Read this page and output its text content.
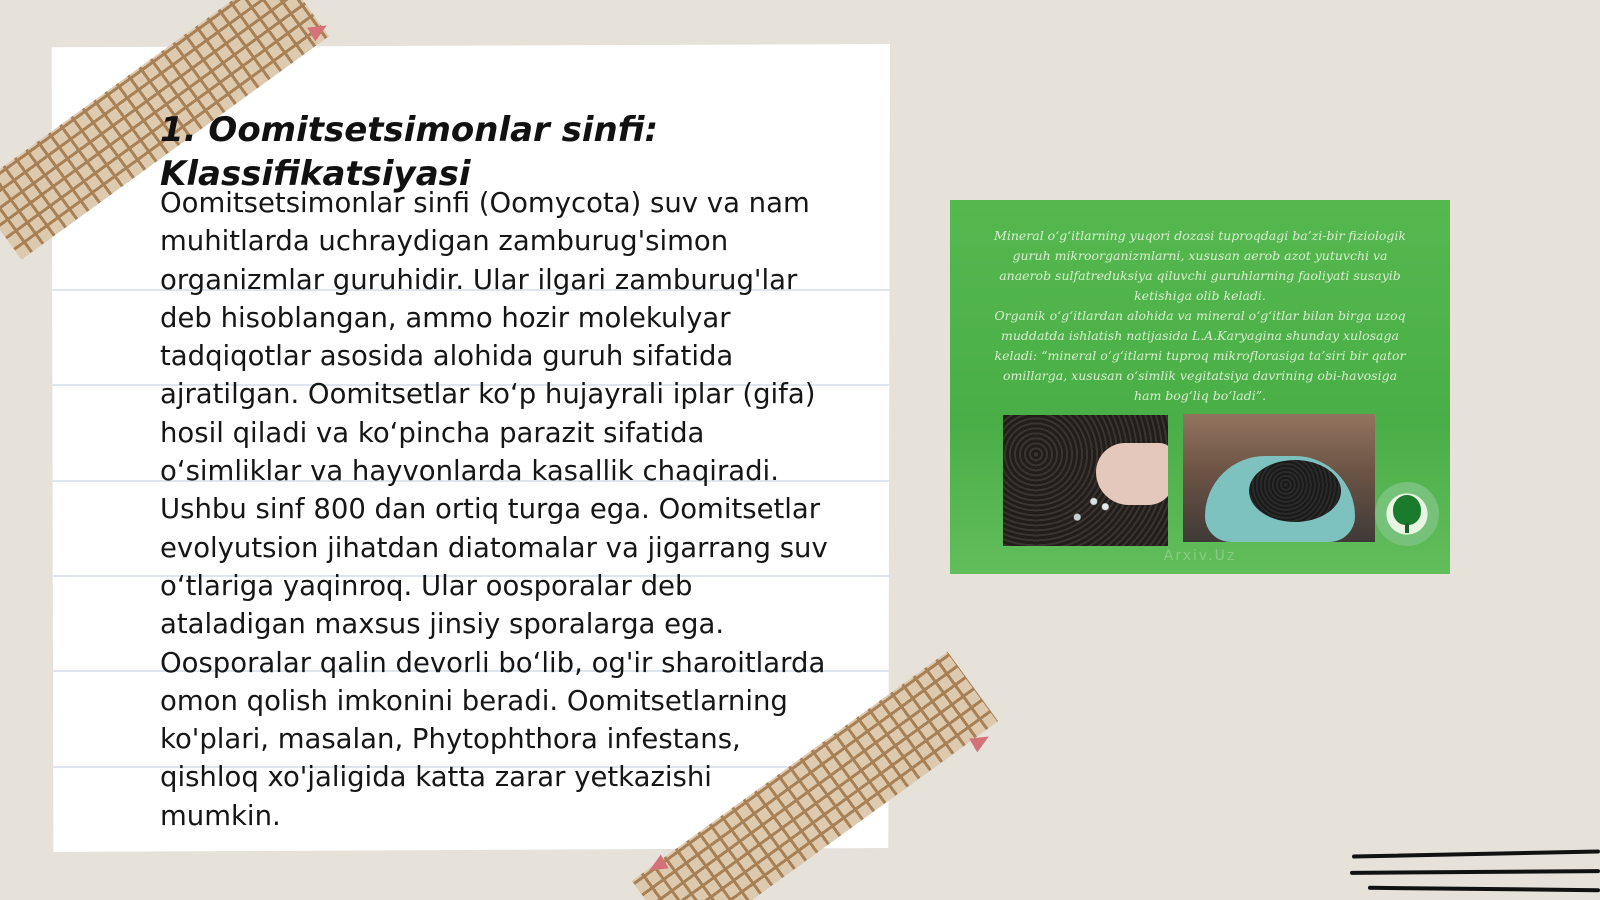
1. Oomitsetsimonlar sinfi: Klassifikatsiyasi

Oomitsetsimonlar sinfi (Oomycota) suv va nam muhitlarda uchraydigan zamburug'simon organizmlar guruhidir. Ular ilgari zamburug'lar deb hisoblangan, ammo hozir molekulyar tadqiqotlar asosida alohida guruh sifatida ajratilgan. Oomitsetlar ko‘p hujayrali iplar (gifa) hosil qiladi va ko‘pincha parazit sifatida o‘simliklar va hayvonlarda kasallik chaqiradi. Ushbu sinf 800 dan ortiq turga ega. Oomitsetlar evolyutsion jihatdan diatomalar va jigarrang suv o‘tlariga yaqinroq. Ular oosporalar deb ataladigan maxsus jinsiy sporalarga ega. Oosporalar qalin devorli bo‘lib, og'ir sharoitlarda omon qolish imkonini beradi. Oomitsetlarning ko'plari, masalan, Phytophthora infestans, qishloq xo'jaligida katta zarar yetkazishi mumkin.

Mineral o‘g‘itlarning yuqori dozasi tuproqdagi ba’zi-bir fiziologik
guruh mikroorganizmlarni, xususan aerob azot yutuvchi va
anaerob sulfatreduksiya qiluvchi guruhlarning faoliyati susayib
ketishiga olib keladi.
Organik o‘g‘itlardan alohida va mineral o‘g‘itlar bilan birga uzoq
muddatda ishlatish natijasida L.A.Karyagina shunday xulosaga
keladi: “mineral o‘g‘itlarni tuproq mikroflorasiga ta’siri bir qator
omillarga, xususan o‘simlik vegitatsiya davrining obi-havosiga
ham bog‘liq bo‘ladi”.

Arxiv.Uz
